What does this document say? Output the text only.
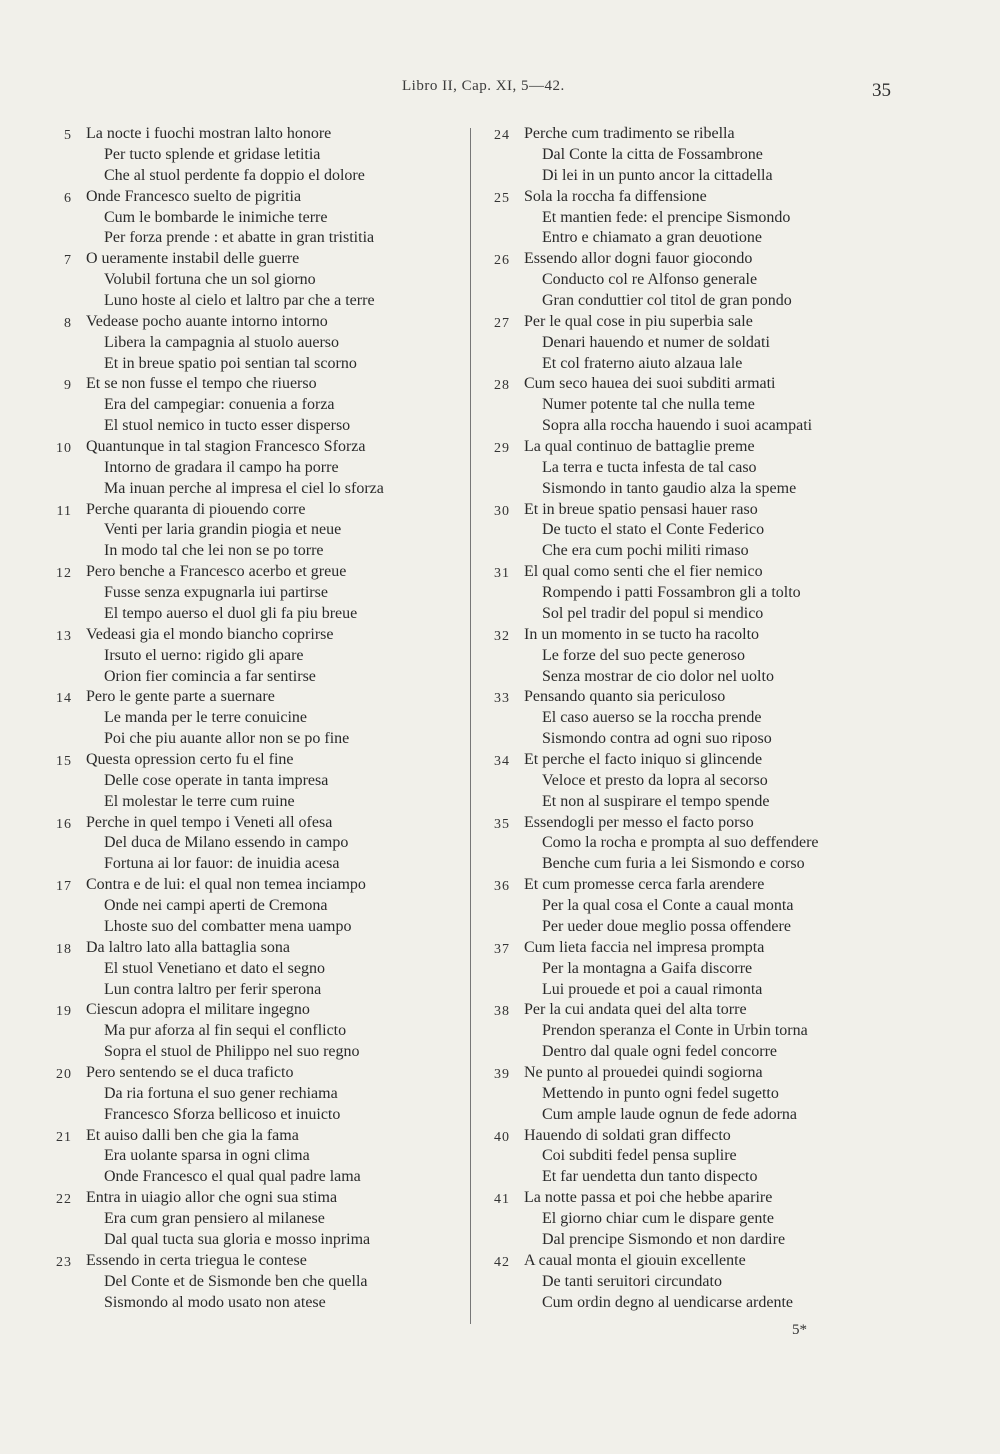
Libro II, Cap. XI, 5—42.	35
5 La nocte i fuochi mostran lalto honore
Per tucto splende et gridase letitia
Che al stuol perdente fa doppio el dolore
6 Onde Francesco suelto de pigritia
Cum le bombarde le inimiche terre
Per forza prende : et abatte in gran tristitia
7 O ueramente instabil delle guerre
Volubil fortuna che un sol giorno
Luno hoste al cielo et laltro par che a terre
8 Vedease pocho auante intorno intorno
Libera la campagnia al stuolo auerso
Et in breue spatio poi sentian tal scorno
9 Et se non fusse el tempo che riuerso
Era del campegiar: conuenia a forza
El stuol nemico in tucto esser disperso
10 Quantunque in tal stagion Francesco Sforza
Intorno de gradara il campo ha porre
Ma inuan perche al impresa el ciel lo sforza
11 Perche quaranta di piouendo corre
Venti per laria grandin piogia et neue
In modo tal che lei non se po torre
12 Pero benche a Francesco acerbo et greue
Fusse senza expugnarla iui partirse
El tempo auerso el duol gli fa piu breue
13 Vedeasi gia el mondo biancho coprirse
Irsuto el uerno: rigido gli apare
Orion fier comincia a far sentirse
14 Pero le gente parte a suernare
Le manda per le terre conuicine
Poi che piu auante allor non se po fine
15 Questa opression certo fu el fine
Delle cose operate in tanta impresa
El molestar le terre cum ruine
16 Perche in quel tempo i Veneti all ofesa
Del duca de Milano essendo in campo
Fortuna ai lor fauor: de inuidia acesa
17 Contra e de lui: el qual non temea inciampo
Onde nei campi aperti de Cremona
Lhoste suo del combatter mena uampo
18 Da laltro lato alla battaglia sona
El stuol Venetiano et dato el segno
Lun contra laltro per ferir sperona
19 Ciescun adopra el militare ingegno
Ma pur aforza al fin sequi el conflicto
Sopra el stuol de Philippo nel suo regno
20 Pero sentendo se el duca traficto
Da ria fortuna el suo gener rechiama
Francesco Sforza bellicoso et inuicto
21 Et auiso dalli ben che gia la fama
Era uolante sparsa in ogni clima
Onde Francesco el qual qual padre lama
22 Entra in uiagio allor che ogni sua stima
Era cum gran pensiero al milanese
Dal qual tucta sua gloria e mosso inprima
23 Essendo in certa triegua le contese
Del Conte et de Sismonde ben che quella
Sismondo al modo usato non atese
24 Perche cum tradimento se ribella
Dal Conte la citta de Fossambrone
Di lei in un punto ancor la cittadella
25 Sola la roccha fa diffensione
Et mantien fede: el prencipe Sismondo
Entro e chiamato a gran deuotione
26 Essendo allor dogni fauor giocondo
Conducto col re Alfonso generale
Gran conduttier col titol de gran pondo
27 Per le qual cose in piu superbia sale
Denari hauendo et numer de soldati
Et col fraterno aiuto alzaua lale
28 Cum seco hauea dei suoi subditi armati
Numer potente tal che nulla teme
Sopra alla roccha hauendo i suoi acampati
29 La qual continuo de battaglie preme
La terra e tucta infesta de tal caso
Sismondo in tanto gaudio alza la speme
30 Et in breue spatio pensasi hauer raso
De tucto el stato el Conte Federico
Che era cum pochi militi rimaso
31 El qual como senti che el fier nemico
Rompendo i patti Fossambron gli a tolto
Sol pel tradir del popul si mendico
32 In un momento in se tucto ha racolto
Le forze del suo pecte generoso
Senza mostrar de cio dolor nel uolto
33 Pensando quanto sia periculoso
El caso auerso se la roccha prende
Sismondo contra ad ogni suo riposo
34 Et perche el facto iniquo si glincende
Veloce et presto da lopra al secorso
Et non al suspirare el tempo spende
35 Essendogli per messo el facto porso
Como la rocha e prompta al suo deffendere
Benche cum furia a lei Sismondo e corso
36 Et cum promesse cerca farla arendere
Per la qual cosa el Conte a caual monta
Per ueder doue meglio possa offendere
37 Cum lieta faccia nel impresa prompta
Per la montagna a Gaifa discorre
Lui prouede et poi a caual rimonta
38 Per la cui andata quei del alta torre
Prendon speranza el Conte in Urbin torna
Dentro dal quale ogni fedel concorre
39 Ne punto al prouedei quindi sogiorna
Mettendo in punto ogni fedel sugetto
Cum ample laude ognun de fede adorna
40 Hauendo di soldati gran diffecto
Coi subditi fedel pensa suplire
Et far uendetta dun tanto dispecto
41 La notte passa et poi che hebbe aparire
El giorno chiar cum le dispare gente
Dal prencipe Sismondo et non dardire
42 A caual monta el giouin excellente
De tanti seruitori circundato
Cum ordin degno al uendicarse ardente
5*
